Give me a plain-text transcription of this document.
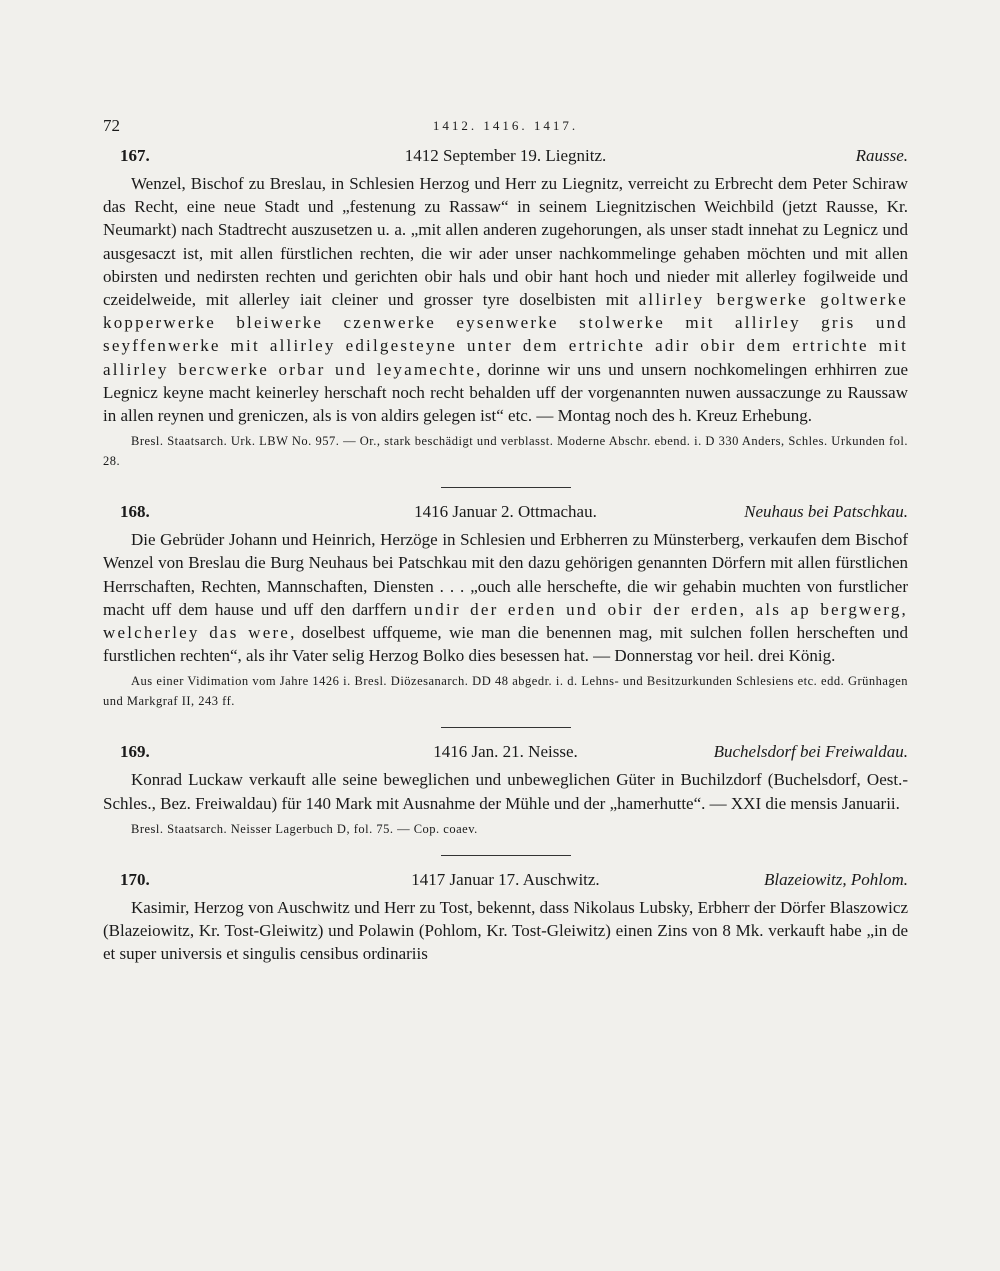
72	1412. 1416. 1417.
167.	1412 September 19. Liegnitz.	Rausse.

Wenzel, Bischof zu Breslau, in Schlesien Herzog und Herr zu Liegnitz, verreicht zu Erbrecht dem Peter Schiraw das Recht, eine neue Stadt und „festenung zu Rassaw“ in seinem Liegnitzischen Weichbild (jetzt Rausse, Kr. Neumarkt) nach Stadtrecht auszusetzen u. a. „mit allen anderen zugehorungen, als unser stadt innehat zu Legnicz und ausgesaczt ist, mit allen fürstlichen rechten, die wir ader unser nachkommelinge gehaben möchten und mit allen obirsten und nedirsten rechten und gerichten obir hals und obir hant hoch und nieder mit allerley fogilweide und czeidelweide, mit allerley iait cleiner und grosser tyre doselbisten mit allirley bergwerke goltwerke kopperwerke bleiwerke czenwerke eysenwerke stolwerke mit allirley gris und seyffenwerke mit allirley edilgesteyne unter dem ertrichte adir obir dem ertrichte mit allirley bercwerke orbar und leyamechte, dorinne wir uns und unsern nochkomelingen erhhirren zue Legnicz keyne macht keinerley herschaft noch recht behalden uff der vorgenannten nuwen aussaczunge zu Raussaw in allen reynen und greniczen, als is von aldirs gelegen ist“ etc. — Montag noch des h. Kreuz Erhebung.

Bresl. Staatsarch. Urk. LBW No. 957. — Or., stark beschädigt und verblasst. Moderne Abschr. ebend. i. D 330 Anders, Schles. Urkunden fol. 28.

168.	1416 Januar 2. Ottmachau.	Neuhaus bei Patschkau.

Die Gebrüder Johann und Heinrich, Herzöge in Schlesien und Erbherren zu Münsterberg, verkaufen dem Bischof Wenzel von Breslau die Burg Neuhaus bei Patschkau mit den dazu gehörigen genannten Dörfern mit allen fürstlichen Herrschaften, Rechten, Mannschaften, Diensten . . . „ouch alle herschefte, die wir gehabin muchten von furstlicher macht uff dem hause und uff den darffern undir der erden und obir der erden, als ap bergwerg, welcherley das were, doselbest uffqueme, wie man die benennen mag, mit sulchen follen herscheften und furstlichen rechten“, als ihr Vater selig Herzog Bolko dies besessen hat. — Donnerstag vor heil. drei König.

Aus einer Vidimation vom Jahre 1426 i. Bresl. Diözesanarch. DD 48 abgedr. i. d. Lehns- und Besitzurkunden Schlesiens etc. edd. Grünhagen und Markgraf II, 243 ff.

169.	1416 Jan. 21. Neisse.	Buchelsdorf bei Freiwaldau.

Konrad Luckaw verkauft alle seine beweglichen und unbeweglichen Güter in Buchilzdorf (Buchelsdorf, Oest.-Schles., Bez. Freiwaldau) für 140 Mark mit Ausnahme der Mühle und der „hamerhutte“. — XXI die mensis Januarii.

Bresl. Staatsarch. Neisser Lagerbuch D, fol. 75. — Cop. coaev.

170.	1417 Januar 17. Auschwitz.	Blazeiowitz, Pohlom.

Kasimir, Herzog von Auschwitz und Herr zu Tost, bekennt, dass Nikolaus Lubsky, Erbherr der Dörfer Blaszowicz (Blazeiowitz, Kr. Tost-Gleiwitz) und Polawin (Pohlom, Kr. Tost-Gleiwitz) einen Zins von 8 Mk. verkauft habe „in de et super universis et singulis censibus ordinariis
